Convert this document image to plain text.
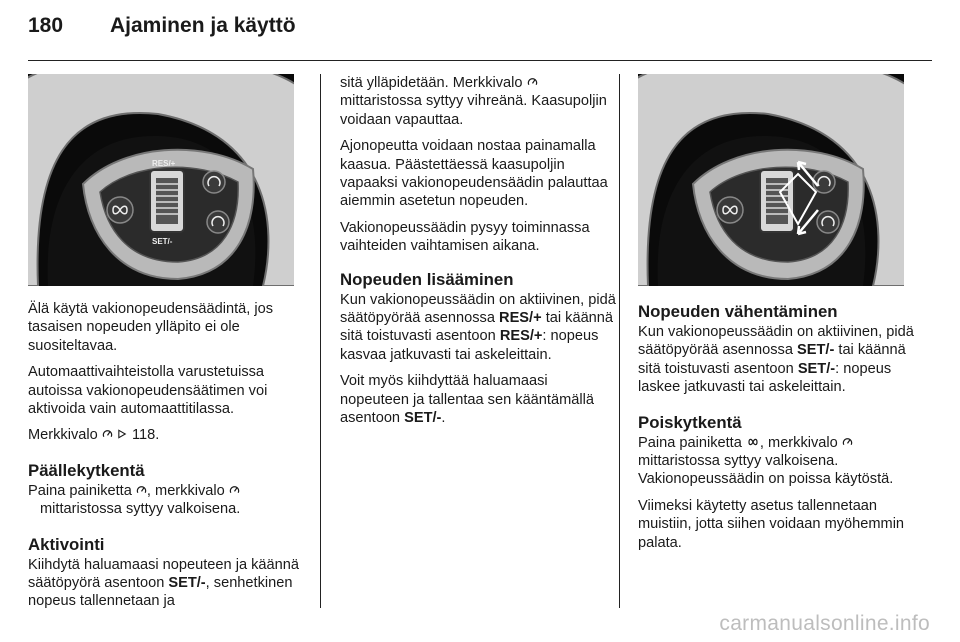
180 Ajaminen ja käyttö
RES/+
SET/-

Älä käytä vakionopeudensäädintä, jos tasaisen nopeuden ylläpito ei ole suositeltavaa.

Automaattivaihteistolla varustetuissa autoissa vakionopeudensäätimen voi aktivoida vain automaattitilassa.

Merkkivalo 118.

Päällekytkentä

Paina painiketta , merkkivalo  mittaristossa syttyy valkoisena.

Aktivointi

Kiihdytä haluamaasi nopeuteen ja käännä säätöpyörä asentoon SET/-, senhetkinen nopeus tallennetaan ja

sitä ylläpidetään. Merkkivalo  mittaristossa syttyy vihreänä. Kaasupoljin voidaan vapauttaa.

Ajonopeutta voidaan nostaa painamalla kaasua. Päästettäessä kaasupoljin vapaaksi vakionopeudensäädin palauttaa aiemmin asetetun nopeuden.

Vakionopeussäädin pysyy toiminnassa vaihteiden vaihtamisen aikana.

Nopeuden lisääminen

Kun vakionopeussäädin on aktiivinen, pidä säätöpyörää asennossa RES/+ tai käännä sitä toistuvasti asentoon RES/+: nopeus kasvaa jatkuvasti tai askeleittain.

Voit myös kiihdyttää haluamaasi nopeuteen ja tallentaa sen kääntämällä asentoon SET/-.

Nopeuden vähentäminen

Kun vakionopeussäädin on aktiivinen, pidä säätöpyörää asennossa SET/- tai käännä sitä toistuvasti asentoon SET/-: nopeus laskee jatkuvasti tai askeleittain.

Poiskytkentä

Paina painiketta , merkkivalo  mittaristossa syttyy valkoisena. Vakionopeussäädin on poissa käytöstä.

Viimeksi käytetty asetus tallennetaan muistiin, jotta siihen voidaan myöhemmin palata.

carmanualsonline.info
